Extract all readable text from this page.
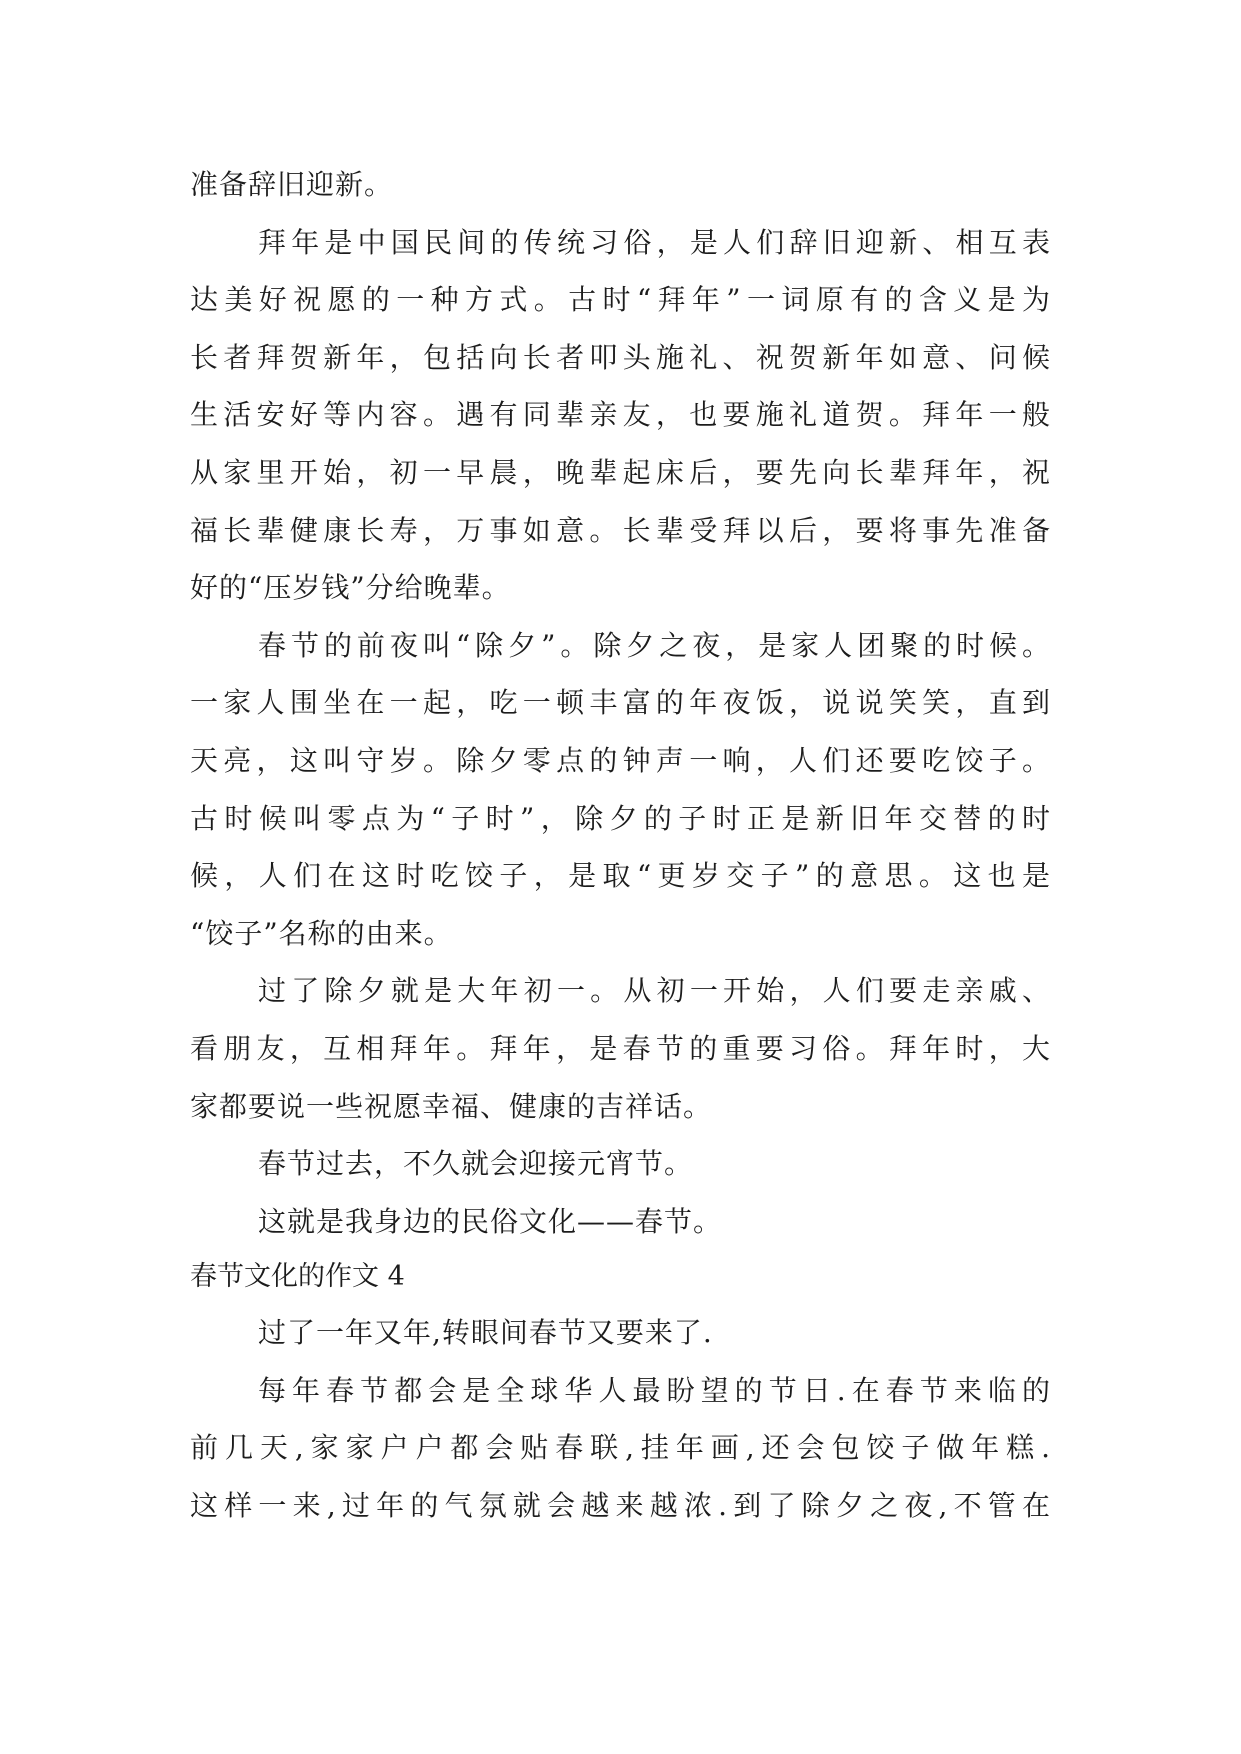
准备辞旧迎新。
拜年是中国民间的传统习俗，是人们辞旧迎新、相互表
达美好祝愿的一种方式。古时“拜年”一词原有的含义是为
长者拜贺新年，包括向长者叩头施礼、祝贺新年如意、问候
生活安好等内容。遇有同辈亲友，也要施礼道贺。拜年一般
从家里开始，初一早晨，晚辈起床后，要先向长辈拜年，祝
福长辈健康长寿，万事如意。长辈受拜以后，要将事先准备
好的“压岁钱”分给晚辈。
春节的前夜叫“除夕”。除夕之夜，是家人团聚的时候。
一家人围坐在一起，吃一顿丰富的年夜饭，说说笑笑，直到
天亮，这叫守岁。除夕零点的钟声一响，人们还要吃饺子。
古时候叫零点为“子时”，除夕的子时正是新旧年交替的时
候，人们在这时吃饺子，是取“更岁交子”的意思。这也是
“饺子”名称的由来。
过了除夕就是大年初一。从初一开始，人们要走亲戚、
看朋友，互相拜年。拜年，是春节的重要习俗。拜年时，大
家都要说一些祝愿幸福、健康的吉祥话。
春节过去，不久就会迎接元宵节。
这就是我身边的民俗文化——春节。
春节文化的作文 4
过了一年又年,转眼间春节又要来了.
每年春节都会是全球华人最盼望的节日.在春节来临的
前几天,家家户户都会贴春联,挂年画,还会包饺子做年糕.
这样一来,过年的气氛就会越来越浓.到了除夕之夜,不管在
